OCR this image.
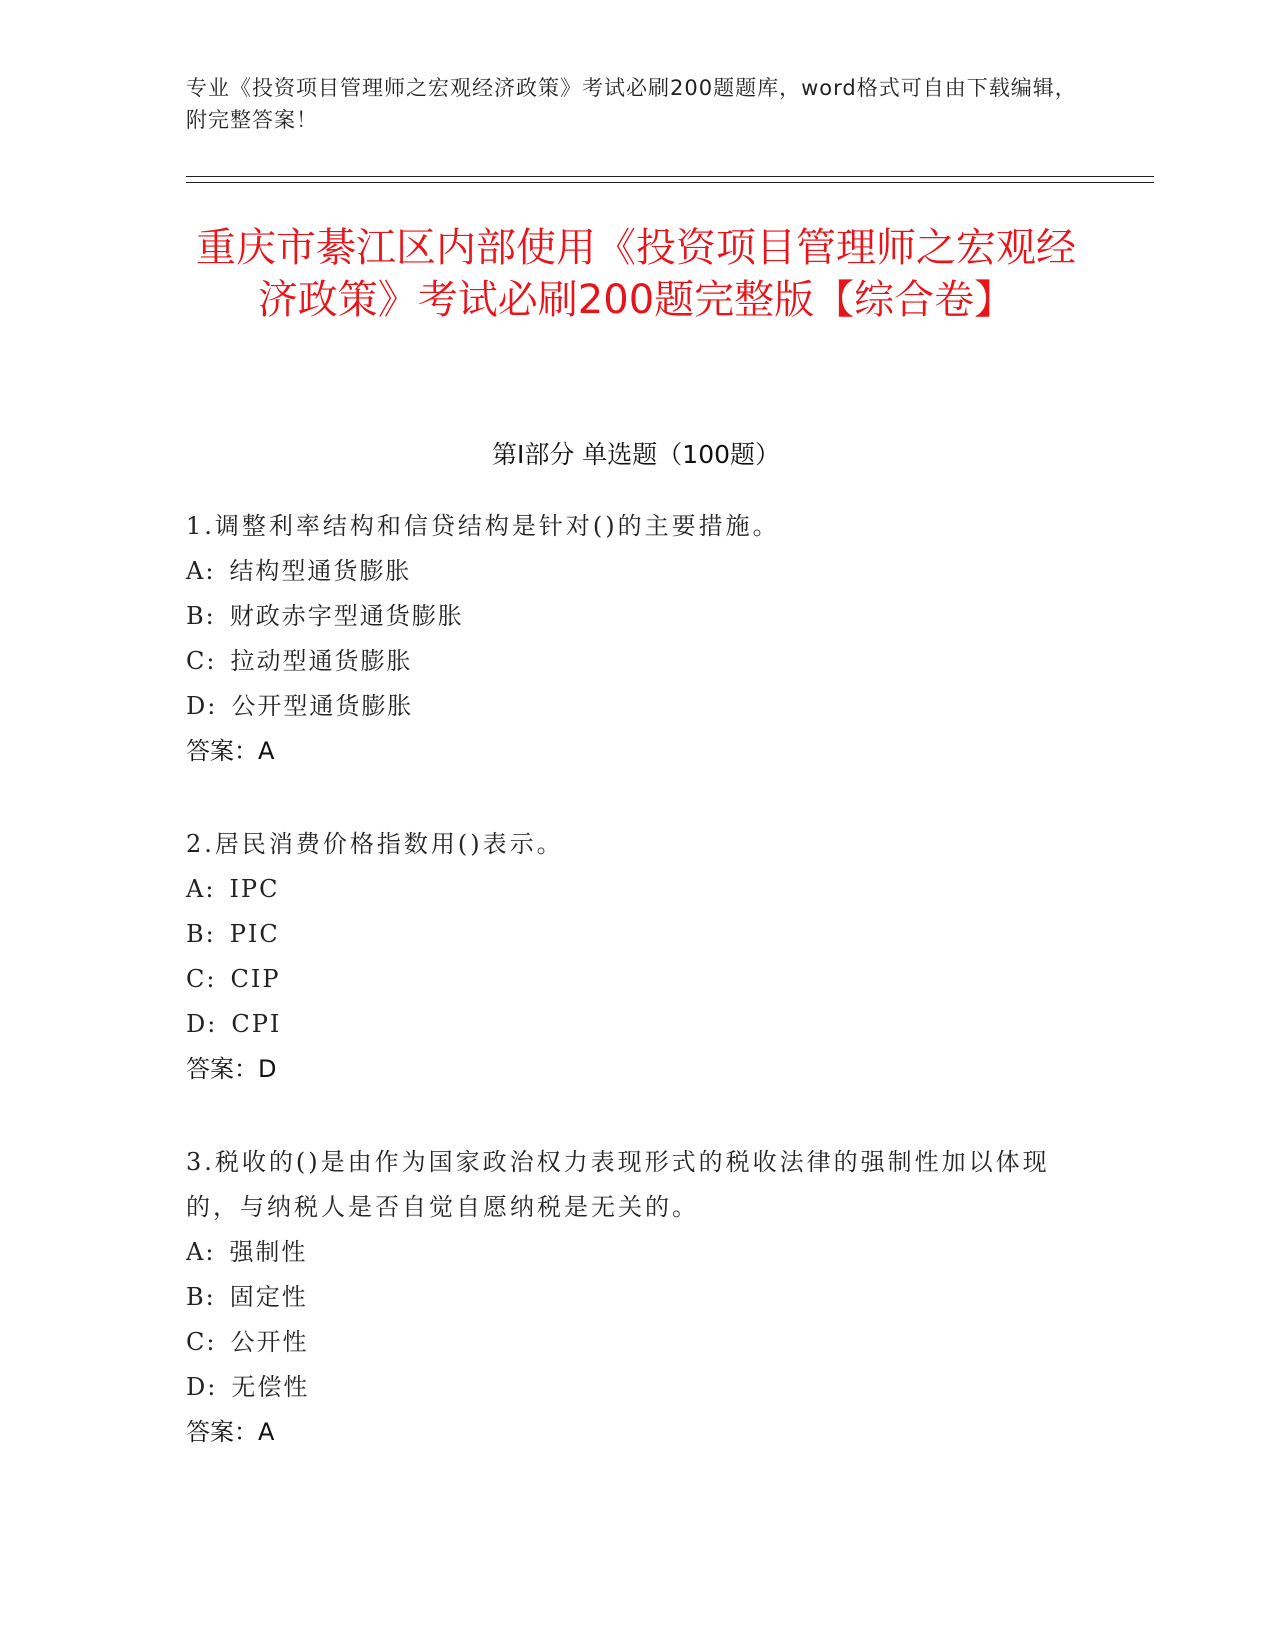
专业《投资项目管理师之宏观经济政策》考试必刷200题题库，word格式可自由下载编辑，附完整答案！
重庆市綦江区内部使用《投资项目管理师之宏观经济政策》考试必刷200题完整版【综合卷】
第I部分 单选题（100题）

1.调整利率结构和信贷结构是针对()的主要措施。

A: 结构型通货膨胀

B: 财政赤字型通货膨胀

C: 拉动型通货膨胀

D: 公开型通货膨胀

答案：A

2.居民消费价格指数用()表示。

A: IPC

B: PIC

C: CIP

D: CPI

答案：D

3.税收的()是由作为国家政治权力表现形式的税收法律的强制性加以体现的，与纳税人是否自觉自愿纳税是无关的。

A: 强制性

B: 固定性

C: 公开性

D: 无偿性

答案：A
